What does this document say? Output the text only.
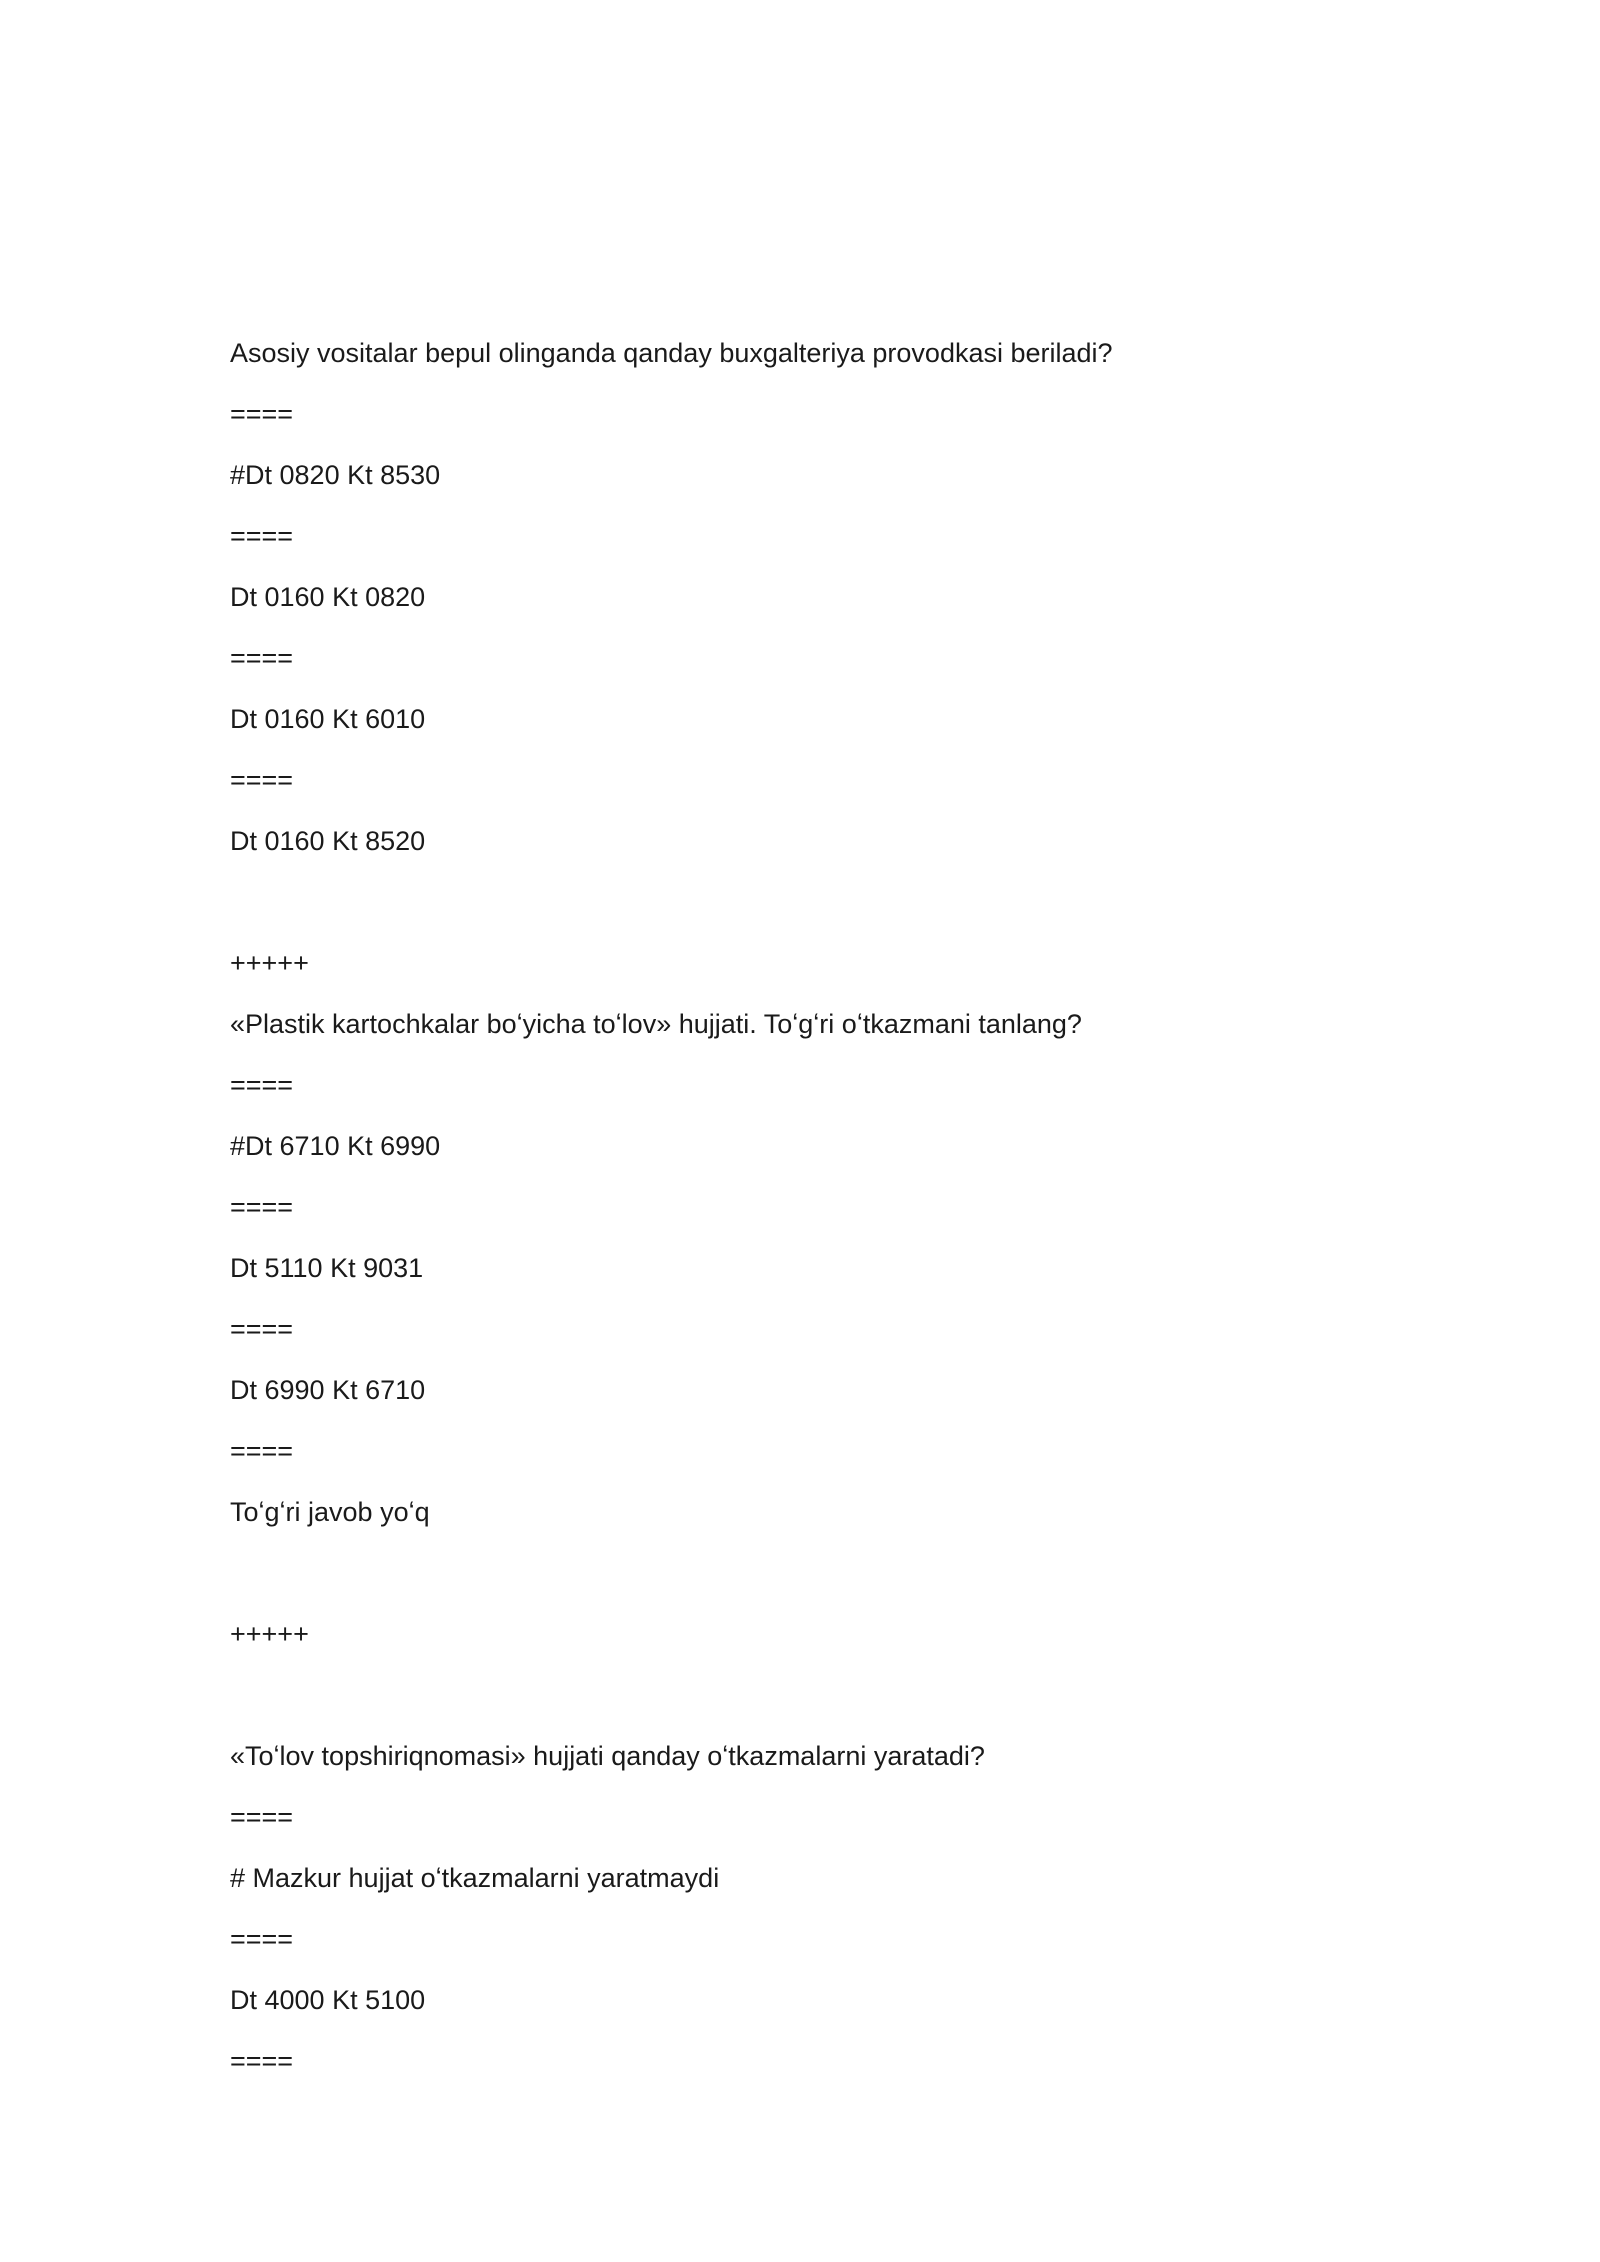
Asosiy vositalar bepul olinganda qanday buxgalteriya provodkasi beriladi?
====
#Dt 0820 Kt 8530
====
Dt 0160 Kt 0820
====
Dt 0160 Kt 6010
====
Dt 0160 Kt 8520
+++++
«Plastik kartochkalar boʻyicha toʻlov» hujjati. Toʻgʻri oʻtkazmani tanlang?
====
#Dt 6710 Kt 6990
====
Dt 5110 Kt 9031
====
Dt 6990 Kt 6710
====
Toʻgʻri javob yoʻq
+++++
«Toʻlov topshiriqnomasi» hujjati qanday oʻtkazmalarni yaratadi?
====
# Mazkur hujjat oʻtkazmalarni yaratmaydi
====
Dt 4000 Kt 5100
====
